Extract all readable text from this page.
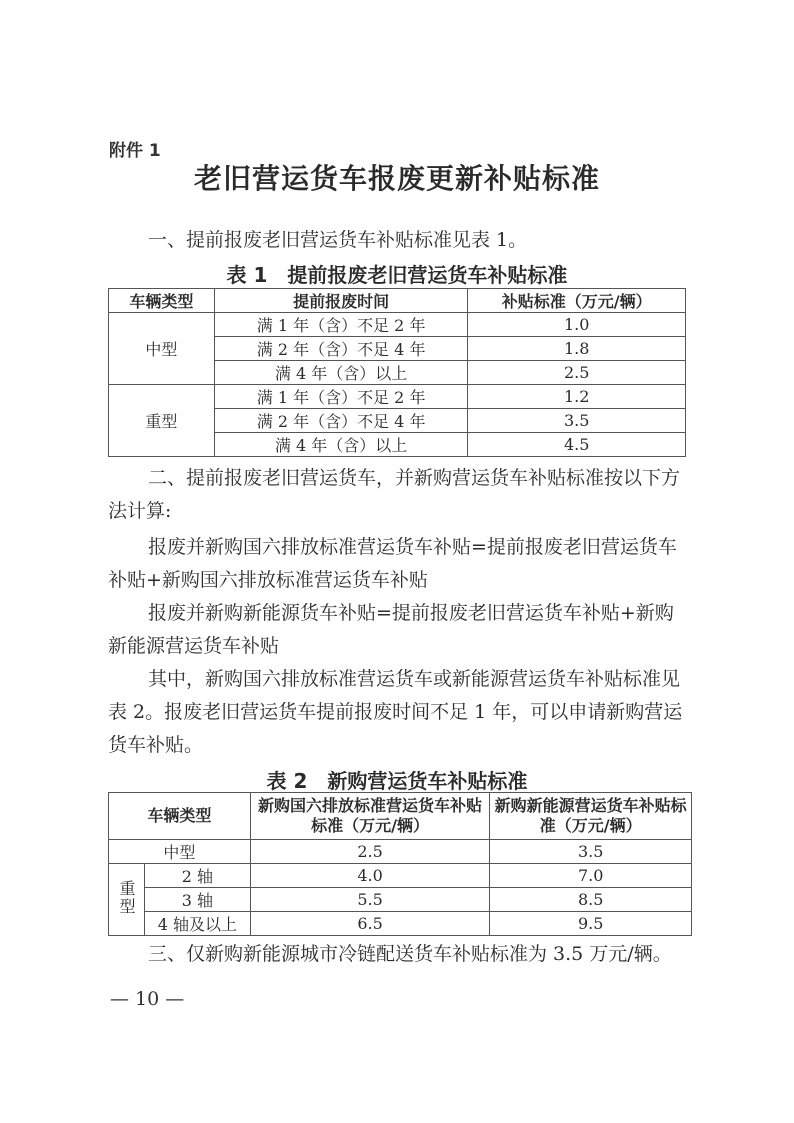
附件 1
老旧营运货车报废更新补贴标准
一、提前报废老旧营运货车补贴标准见表 1。
表 1　提前报废老旧营运货车补贴标准
车辆类型	提前报废时间	补贴标准（万元/辆）
中型	满 1 年（含）不足 2 年	1.0
	满 2 年（含）不足 4 年	1.8
	满 4 年（含）以上	2.5
重型	满 1 年（含）不足 2 年	1.2
	满 2 年（含）不足 4 年	3.5
	满 4 年（含）以上	4.5
二、提前报废老旧营运货车，并新购营运货车补贴标准按以下方法计算:
报废并新购国六排放标准营运货车补贴=提前报废老旧营运货车补贴+新购国六排放标准营运货车补贴
报废并新购新能源货车补贴=提前报废老旧营运货车补贴+新购新能源营运货车补贴
其中，新购国六排放标准营运货车或新能源营运货车补贴标准见表 2。报废老旧营运货车提前报废时间不足 1 年，可以申请新购营运货车补贴。
表 2　新购营运货车补贴标准
车辆类型		新购国六排放标准营运货车补贴标准（万元/辆）	新购新能源营运货车补贴标准（万元/辆）
中型		2.5	3.5
重型	2 轴	4.0	7.0
	3 轴	5.5	8.5
	4 轴及以上	6.5	9.5
三、仅新购新能源城市冷链配送货车补贴标准为 3.5 万元/辆。
— 10 —
